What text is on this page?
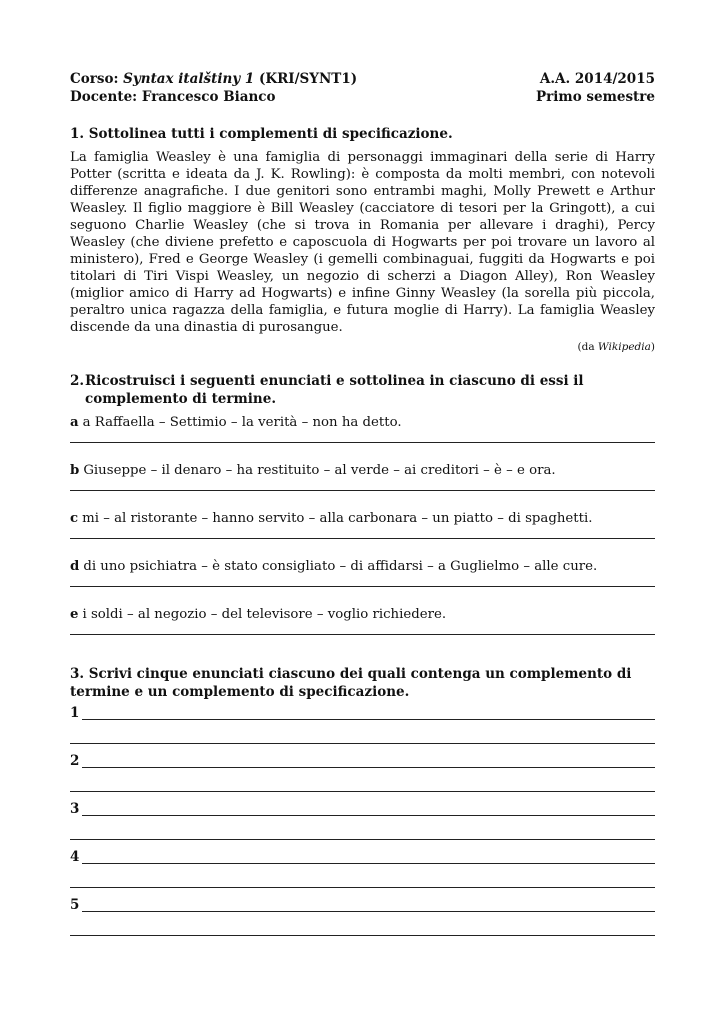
Corso: Syntax italštiny 1 (KRI/SYNT1)	A.A. 2014/2015
Docente: Francesco Bianco	Primo semestre
1. Sottolinea tutti i complementi di specificazione.
La famiglia Weasley è una famiglia di personaggi immaginari della serie di Harry Potter (scritta e ideata da J. K. Rowling): è composta da molti membri, con notevoli differenze anagrafiche. I due genitori sono entrambi maghi, Molly Prewett e Arthur Weasley. Il figlio maggiore è Bill Weasley (cacciatore di tesori per la Gringott), a cui seguono Charlie Weasley (che si trova in Romania per allevare i draghi), Percy Weasley (che diviene prefetto e caposcuola di Hogwarts per poi trovare un lavoro al ministero), Fred e George Weasley (i gemelli combinaguai, fuggiti da Hogwarts e poi titolari di Tiri Vispi Weasley, un negozio di scherzi a Diagon Alley), Ron Weasley (miglior amico di Harry ad Hogwarts) e infine Ginny Weasley (la sorella più piccola, peraltro unica ragazza della famiglia, e futura moglie di Harry). La famiglia Weasley discende da una dinastia di purosangue.
(da Wikipedia)
2. Ricostruisci i seguenti enunciati e sottolinea in ciascuno di essi il complemento di termine.
a a Raffaella – Settimio – la verità – non ha detto.
b Giuseppe – il denaro – ha restituito – al verde – ai creditori – è – e ora.
c mi – al ristorante – hanno servito – alla carbonara – un piatto – di spaghetti.
d di uno psichiatra – è stato consigliato – di affidarsi – a Guglielmo – alle cure.
e i soldi – al negozio – del televisore – voglio richiedere.
3. Scrivi cinque enunciati ciascuno dei quali contenga un complemento di termine e un complemento di specificazione.
1
2
3
4
5
